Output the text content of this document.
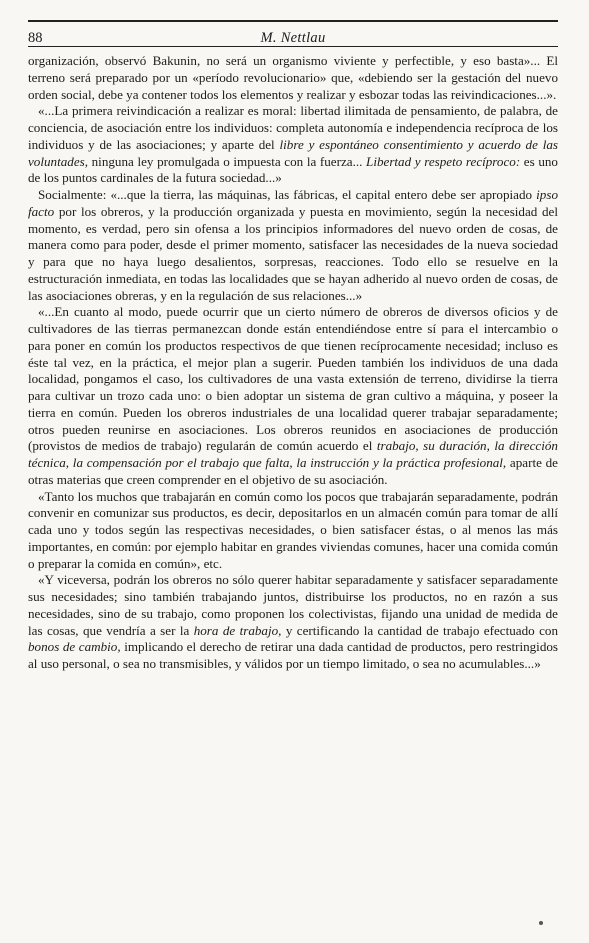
88	M. Nettlau

organización, observó Bakunin, no será un organismo viviente y perfectible, y eso basta»... El terreno será preparado por un «período revolucionario» que, «debiendo ser la gestación del nuevo orden social, debe ya contener todos los elementos y realizar y esbozar todas las reivindicaciones...».

«...La primera reivindicación a realizar es moral: libertad ilimitada de pensamiento, de palabra, de conciencia, de asociación entre los individuos: completa autonomía e independencia recíproca de los individuos y de las asociaciones; y aparte del libre y espontáneo consentimiento y acuerdo de las voluntades, ninguna ley promulgada o impuesta con la fuerza... Libertad y respeto recíproco: es uno de los puntos cardinales de la futura sociedad...»

Socialmente: «...que la tierra, las máquinas, las fábricas, el capital entero debe ser apropiado ipso facto por los obreros, y la producción organizada y puesta en movimiento, según la necesidad del momento, es verdad, pero sin ofensa a los principios informadores del nuevo orden de cosas, de manera como para poder, desde el primer momento, satisfacer las necesidades de la nueva sociedad y para que no haya luego desalientos, sorpresas, reacciones. Todo ello se resuelve en la estructuración inmediata, en todas las localidades que se hayan adherido al nuevo orden de cosas, de las asociaciones obreras, y en la regulación de sus relaciones...»

«...En cuanto al modo, puede ocurrir que un cierto número de obreros de diversos oficios y de cultivadores de las tierras permanezcan donde están entendiéndose entre sí para el intercambio o para poner en común los productos respectivos de que tienen recíprocamente necesidad; incluso es éste tal vez, en la práctica, el mejor plan a sugerir. Pueden también los individuos de una dada localidad, pongamos el caso, los cultivadores de una vasta extensión de terreno, dividirse la tierra para cultivar un trozo cada uno: o bien adoptar un sistema de gran cultivo a máquina, y poseer la tierra en común. Pueden los obreros industriales de una localidad querer trabajar separadamente; otros pueden reunirse en asociaciones. Los obreros reunidos en asociaciones de producción (provistos de medios de trabajo) regularán de común acuerdo el trabajo, su duración, la dirección técnica, la compensación por el trabajo que falta, la instrucción y la práctica profesional, aparte de otras materias que creen comprender en el objetivo de su asociación.

«Tanto los muchos que trabajarán en común como los pocos que trabajarán separadamente, podrán convenir en comunizar sus productos, es decir, depositarlos en un almacén común para tomar de allí cada uno y todos según las respectivas necesidades, o bien satisfacer éstas, o al menos las más importantes, en común: por ejemplo habitar en grandes viviendas comunes, hacer una comida común o preparar la comida en común», etc.

«Y viceversa, podrán los obreros no sólo querer habitar separadamente y satisfacer separadamente sus necesidades; sino también trabajando juntos, distribuirse los productos, no en razón a sus necesidades, sino de su trabajo, como proponen los colectivistas, fijando una unidad de medida de las cosas, que vendría a ser la hora de trabajo, y certificando la cantidad de trabajo efectuado con bonos de cambio, implicando el derecho de retirar una dada cantidad de productos, pero restringidos al uso personal, o sea no transmisibles, y válidos por un tiempo limitado, o sea no acumulables...»
